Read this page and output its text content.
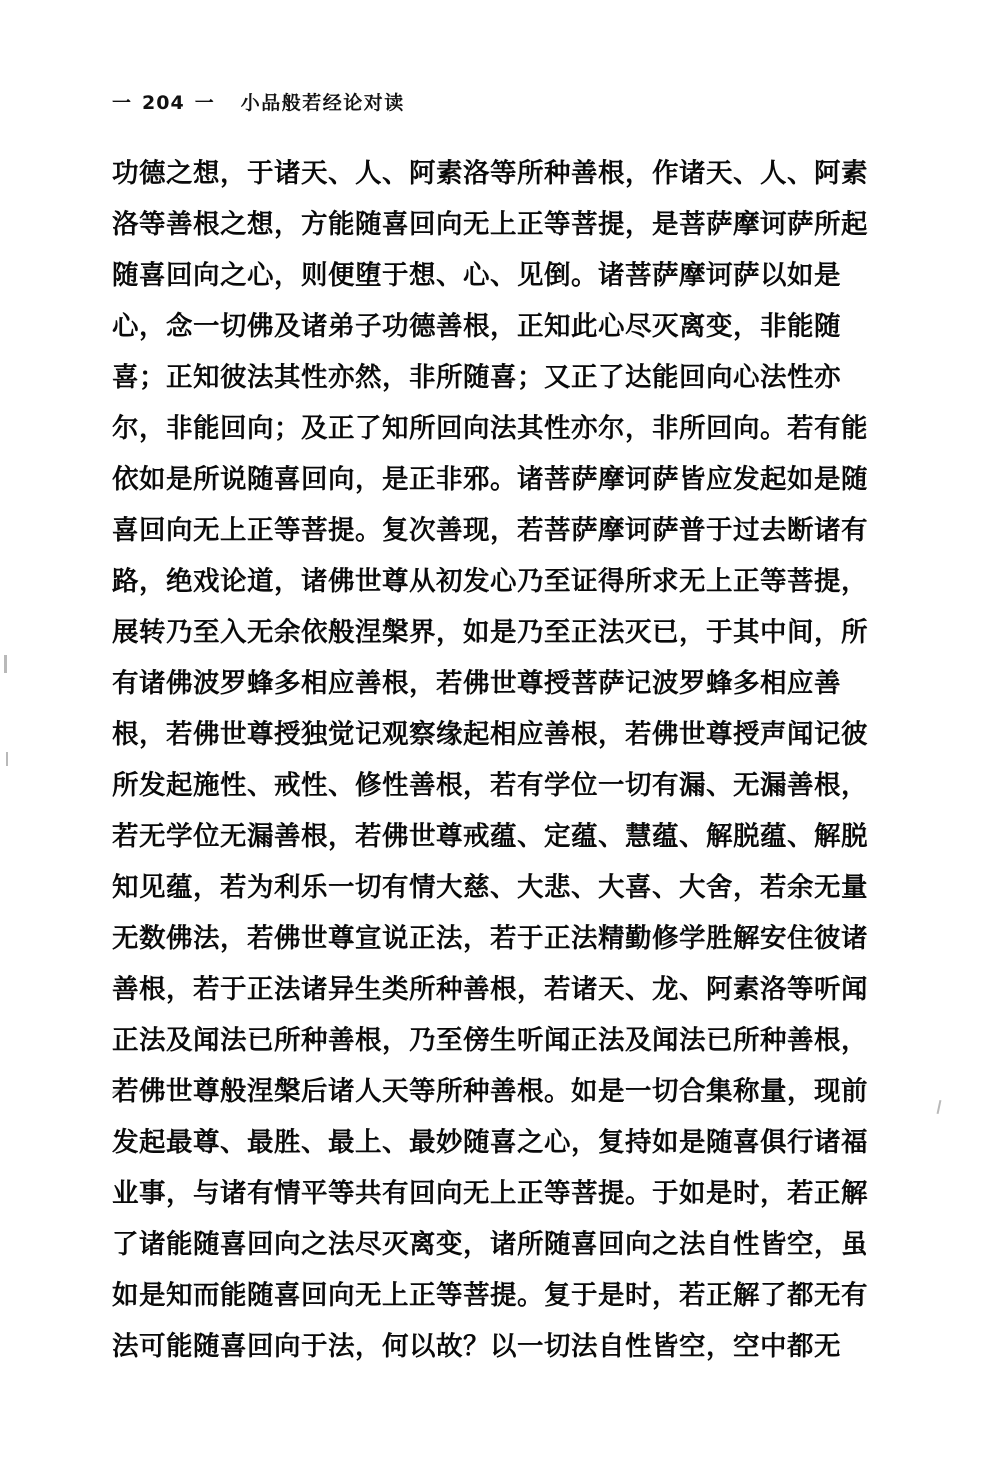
一 204 一 小品般若经论对读
功德之想，于诸天、人、阿素洛等所种善根，作诸天、人、阿素
洛等善根之想，方能随喜回向无上正等菩提，是菩萨摩诃萨所起
随喜回向之心，则便堕于想、心、见倒。诸菩萨摩诃萨以如是
心，念一切佛及诸弟子功德善根，正知此心尽灭离变，非能随
喜；正知彼法其性亦然，非所随喜；又正了达能回向心法性亦
尔，非能回向；及正了知所回向法其性亦尔，非所回向。若有能
依如是所说随喜回向，是正非邪。诸菩萨摩诃萨皆应发起如是随
喜回向无上正等菩提。复次善现，若菩萨摩诃萨普于过去断诸有
路，绝戏论道，诸佛世尊从初发心乃至证得所求无上正等菩提，
展转乃至入无余依般涅槃界，如是乃至正法灭已，于其中间，所
有诸佛波罗蜂多相应善根，若佛世尊授菩萨记波罗蜂多相应善
根，若佛世尊授独觉记观察缘起相应善根，若佛世尊授声闻记彼
所发起施性、戒性、修性善根，若有学位一切有漏、无漏善根，
若无学位无漏善根，若佛世尊戒蕴、定蕴、慧蕴、解脱蕴、解脱
知见蕴，若为利乐一切有情大慈、大悲、大喜、大舍，若余无量
无数佛法，若佛世尊宣说正法，若于正法精勤修学胜解安住彼诸
善根，若于正法诸异生类所种善根，若诸天、龙、阿素洛等听闻
正法及闻法已所种善根，乃至傍生听闻正法及闻法已所种善根，
若佛世尊般涅槃后诸人天等所种善根。如是一切合集称量，现前
发起最尊、最胜、最上、最妙随喜之心，复持如是随喜俱行诸福
业事，与诸有情平等共有回向无上正等菩提。于如是时，若正解
了诸能随喜回向之法尽灭离变，诸所随喜回向之法自性皆空，虽
如是知而能随喜回向无上正等菩提。复于是时，若正解了都无有
法可能随喜回向于法，何以故？以一切法自性皆空，空中都无
